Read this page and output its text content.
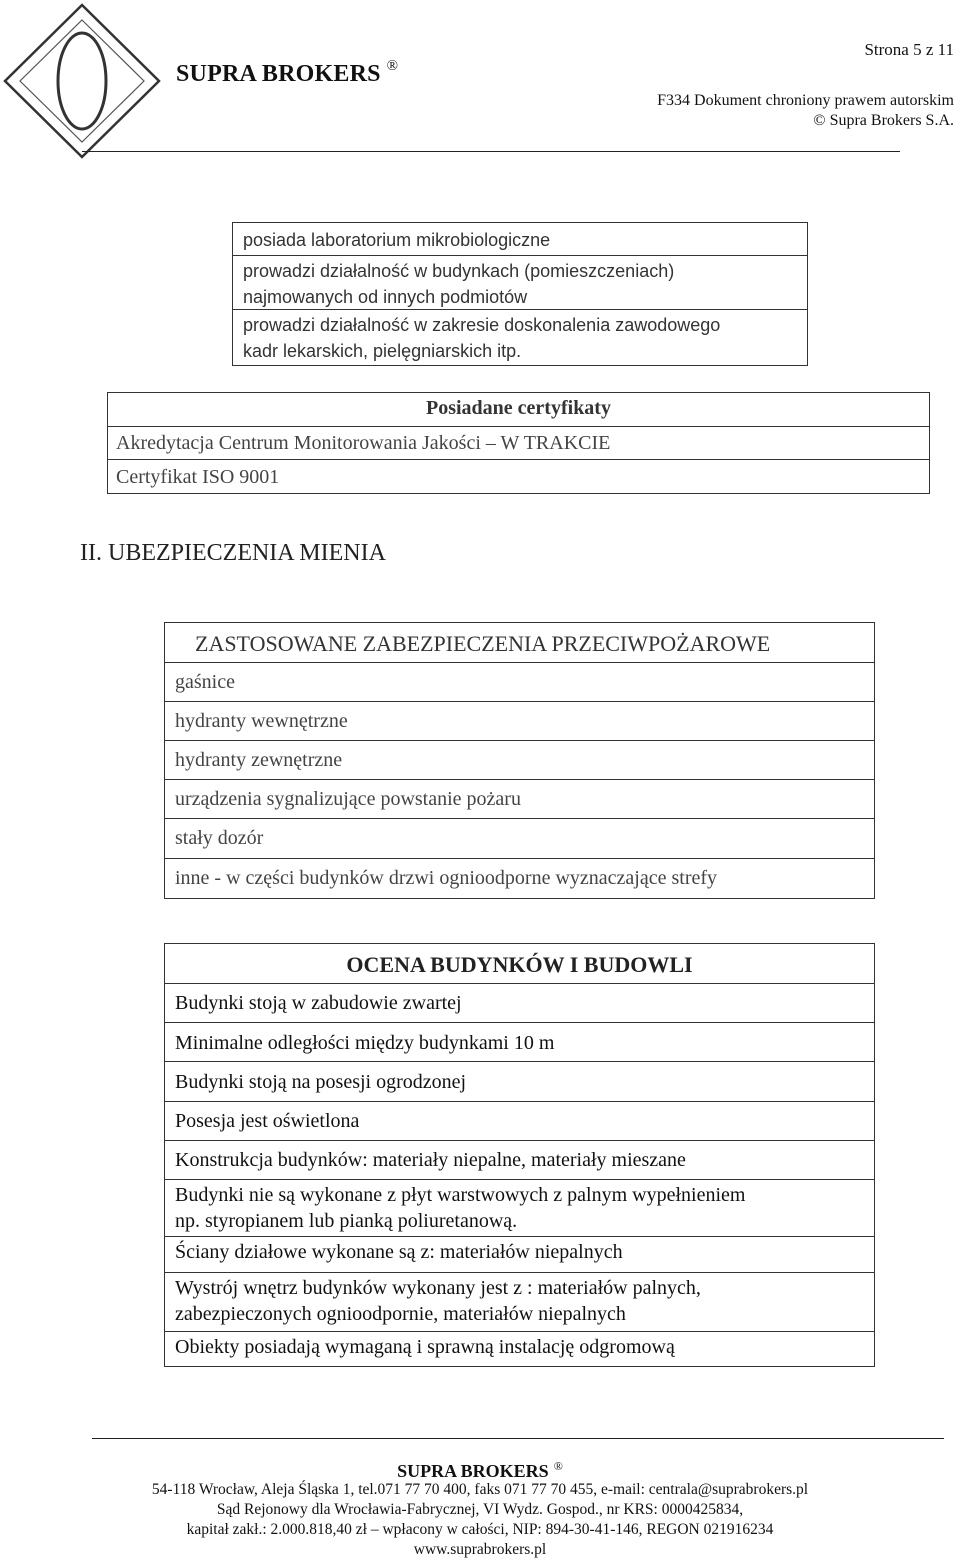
SUPRA BROKERS ®
Strona 5 z 11
F334 Dokument chroniony prawem autorskim
© Supra Brokers S.A.
posiada laboratorium mikrobiologiczne
prowadzi działalność w budynkach (pomieszczeniach)
najmowanych od innych podmiotów
prowadzi działalność w zakresie doskonalenia zawodowego
kadr lekarskich, pielęgniarskich itp.
Posiadane certyfikaty
Akredytacja Centrum Monitorowania Jakości – W TRAKCIE
Certyfikat ISO 9001
II. UBEZPIECZENIA MIENIA
ZASTOSOWANE ZABEZPIECZENIA PRZECIWPOŻAROWE
gaśnice
hydranty wewnętrzne
hydranty zewnętrzne
urządzenia sygnalizujące powstanie pożaru
stały dozór
inne - w części budynków drzwi ognioodporne wyznaczające strefy
OCENA BUDYNKÓW I BUDOWLI
Budynki stoją w zabudowie zwartej
Minimalne odległości między budynkami 10 m
Budynki stoją na posesji ogrodzonej
Posesja jest oświetlona
Konstrukcja budynków: materiały niepalne, materiały mieszane
Budynki nie są wykonane z płyt warstwowych z palnym wypełnieniem
np. styropianem lub pianką poliuretanową.
Ściany działowe wykonane są z: materiałów niepalnych
Wystrój wnętrz budynków wykonany jest z : materiałów palnych,
zabezpieczonych ognioodpornie, materiałów niepalnych
Obiekty posiadają wymaganą i sprawną instalację odgromową
SUPRA BROKERS ®
54-118 Wrocław, Aleja Śląska 1, tel.071 77 70 400, faks 071 77 70 455, e-mail: centrala@suprabrokers.pl
Sąd Rejonowy dla Wrocławia-Fabrycznej, VI Wydz. Gospod., nr KRS: 0000425834,
kapitał zakł.: 2.000.818,40 zł – wpłacony w całości, NIP: 894-30-41-146, REGON 021916234
www.suprabrokers.pl
